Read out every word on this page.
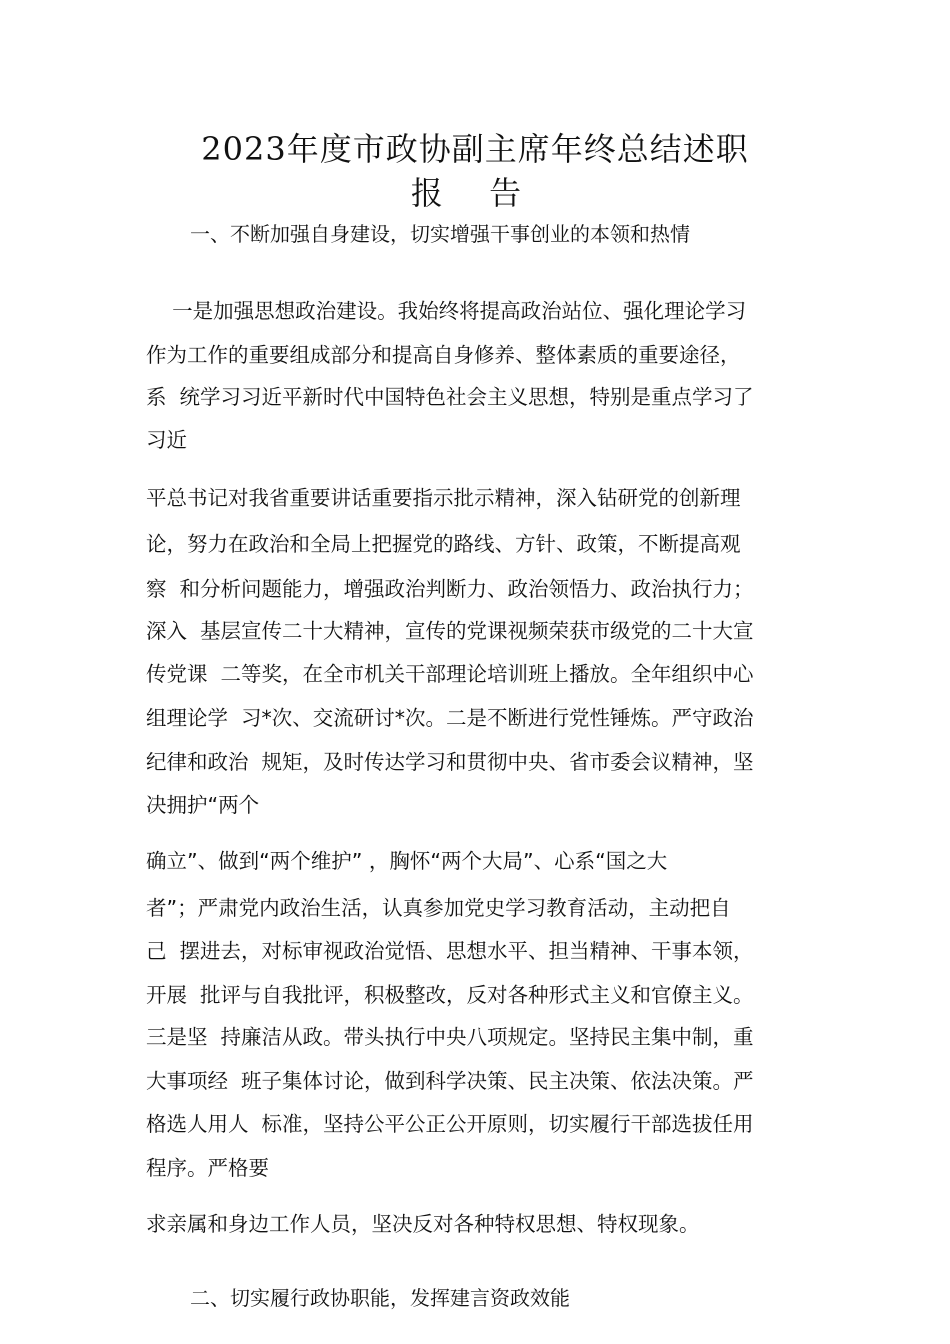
2023年度市政协副主席年终总结述职
报 告
一、不断加强自身建设，切实增强干事创业的本领和热情
一是加强思想政治建设。我始终将提高政治站位、强化理论学习
作为工作的重要组成部分和提高自身修养、整体素质的重要途径，
系  统学习习近平新时代中国特色社会主义思想，特别是重点学习了
习近
平总书记对我省重要讲话重要指示批示精神，深入钻研党的创新理
论，努力在政治和全局上把握党的路线、方针、政策，不断提高观
察  和分析问题能力，增强政治判断力、政治领悟力、政治执行力；
深入  基层宣传二十大精神，宣传的党课视频荣获市级党的二十大宣
传党课  二等奖，在全市机关干部理论培训班上播放。全年组织中心
组理论学  习*次、交流研讨*次。二是不断进行党性锤炼。严守政治
纪律和政治  规矩，及时传达学习和贯彻中央、省市委会议精神，坚
决拥护“两个
确立”、做到“两个维护” ，胸怀“两个大局”、心系“国之大
者”；严肃党内政治生活，认真参加党史学习教育活动，主动把自
己  摆进去，对标审视政治觉悟、思想水平、担当精神、干事本领，
开展  批评与自我批评，积极整改，反对各种形式主义和官僚主义。
三是坚  持廉洁从政。带头执行中央八项规定。坚持民主集中制，重
大事项经  班子集体讨论，做到科学决策、民主决策、依法决策。严
格选人用人  标准，坚持公平公正公开原则，切实履行干部选拔任用
程序。严格要
求亲属和身边工作人员，坚决反对各种特权思想、特权现象。
二、切实履行政协职能，发挥建言资政效能
